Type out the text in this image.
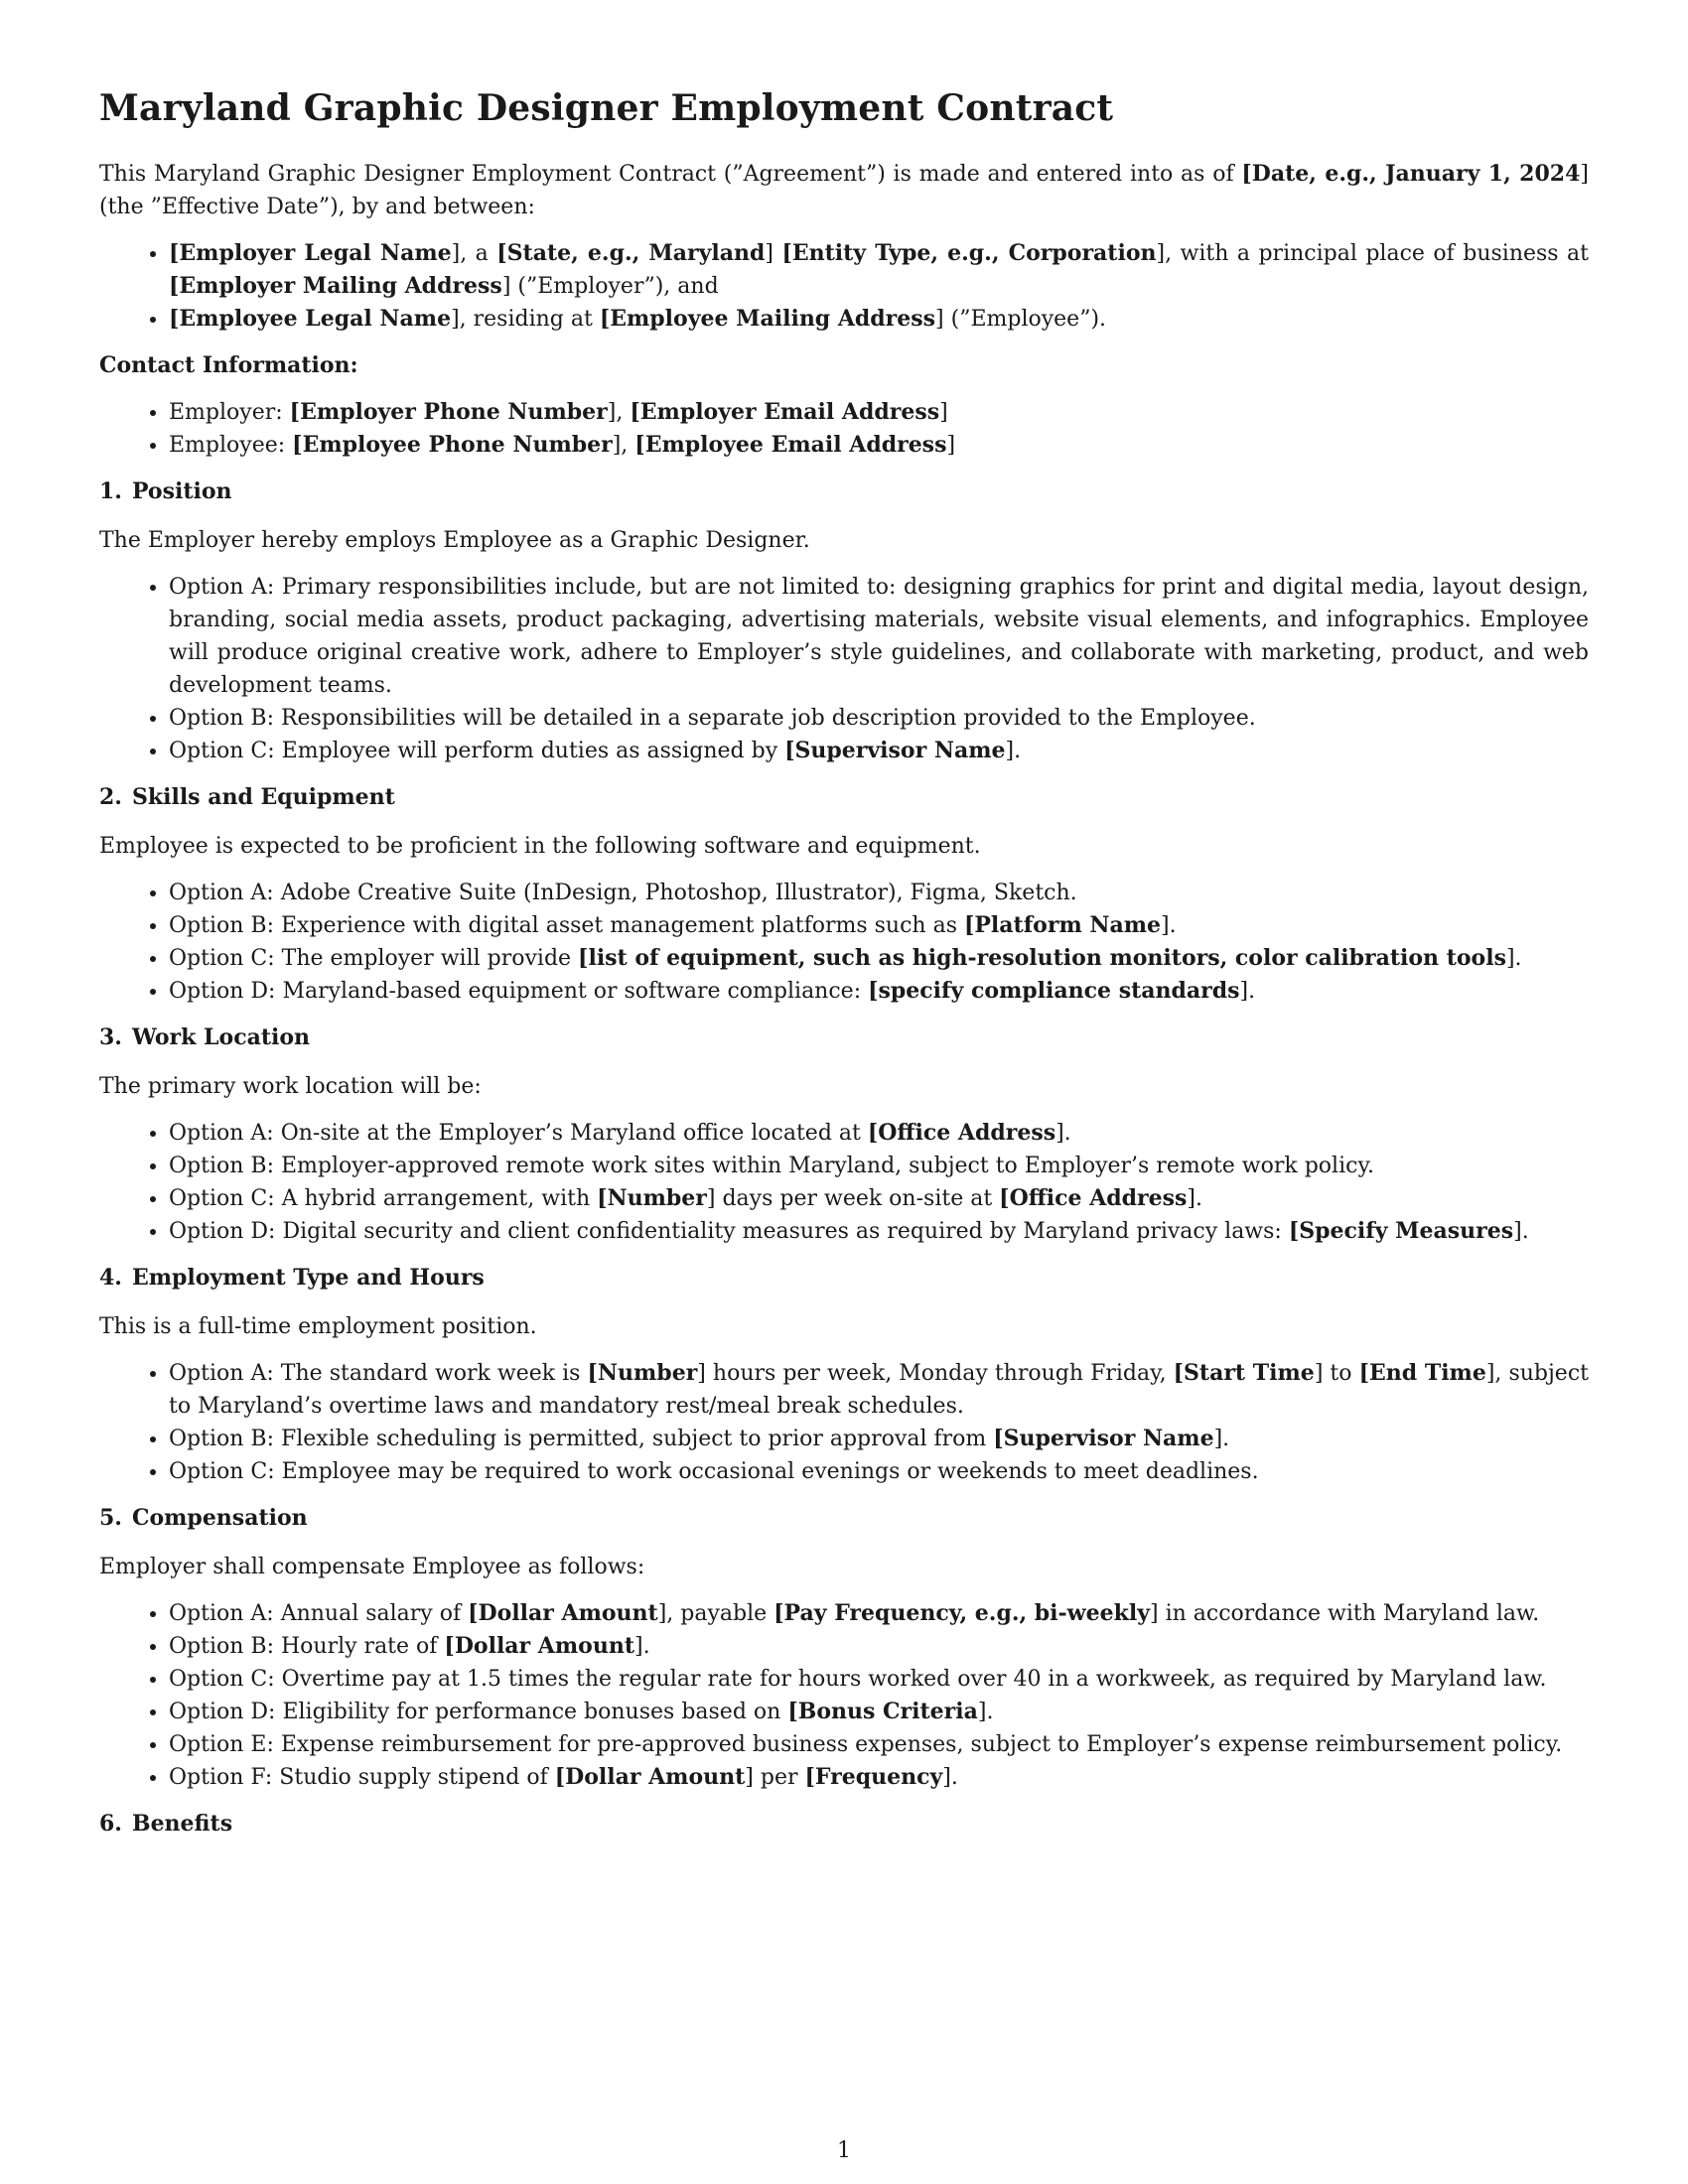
Maryland Graphic Designer Employment Contract

This Maryland Graphic Designer Employment Contract (”Agreement”) is made and entered into as of [Date, e.g., January 1, 2024] (the ”Effective Date”), by and between:

• [Employer Legal Name], a [State, e.g., Maryland] [Entity Type, e.g., Corporation], with a principal place of business at [Employer Mailing Address] (”Employer”), and
• [Employee Legal Name], residing at [Employee Mailing Address] (”Employee”).
Contact Information:
• Employer: [Employer Phone Number], [Employer Email Address]
• Employee: [Employee Phone Number], [Employee Email Address]
1. Position

The Employer hereby employs Employee as a Graphic Designer.

• Option A: Primary responsibilities include, but are not limited to: designing graphics for print and digital media, layout design, branding, social media assets, product packaging, advertising materials, website visual elements, and infographics. Employee will produce original creative work, adhere to Employer’s style guidelines, and collaborate with marketing, product, and web development teams.
• Option B: Responsibilities will be detailed in a separate job description provided to the Employee.
• Option C: Employee will perform duties as assigned by [Supervisor Name].
2. Skills and Equipment

Employee is expected to be proficient in the following software and equipment.

• Option A: Adobe Creative Suite (InDesign, Photoshop, Illustrator), Figma, Sketch.
• Option B: Experience with digital asset management platforms such as [Platform Name].
• Option C: The employer will provide [list of equipment, such as high-resolution monitors, color calibration tools].
• Option D: Maryland-based equipment or software compliance: [specify compliance standards].
3. Work Location

The primary work location will be:

• Option A: On-site at the Employer’s Maryland office located at [Office Address].
• Option B: Employer-approved remote work sites within Maryland, subject to Employer’s remote work policy.
• Option C: A hybrid arrangement, with [Number] days per week on-site at [Office Address].
• Option D: Digital security and client confidentiality measures as required by Maryland privacy laws: [Specify Measures].
4. Employment Type and Hours

This is a full-time employment position.

• Option A: The standard work week is [Number] hours per week, Monday through Friday, [Start Time] to [End Time], subject to Maryland’s overtime laws and mandatory rest/meal break schedules.
• Option B: Flexible scheduling is permitted, subject to prior approval from [Supervisor Name].
• Option C: Employee may be required to work occasional evenings or weekends to meet deadlines.
5. Compensation

Employer shall compensate Employee as follows:

• Option A: Annual salary of [Dollar Amount], payable [Pay Frequency, e.g., bi-weekly] in accordance with Maryland law.
• Option B: Hourly rate of [Dollar Amount].
• Option C: Overtime pay at 1.5 times the regular rate for hours worked over 40 in a workweek, as required by Maryland law.
• Option D: Eligibility for performance bonuses based on [Bonus Criteria].
• Option E: Expense reimbursement for pre-approved business expenses, subject to Employer’s expense reimbursement policy.
• Option F: Studio supply stipend of [Dollar Amount] per [Frequency].
6. Benefits
1
